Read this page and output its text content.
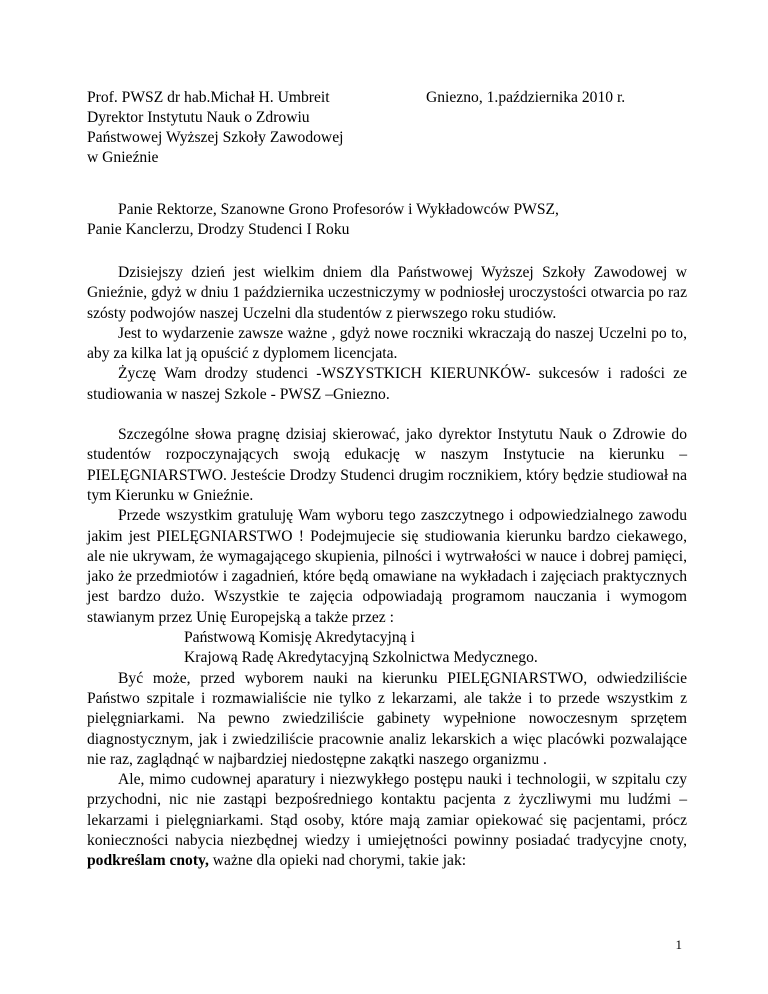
Prof. PWSZ dr hab.Michał H. Umbreit
Dyrektor Instytutu Nauk o Zdrowiu
Państwowej Wyższej Szkoły Zawodowej
w Gnieźnie
Gniezno, 1.października 2010 r.
Panie Rektorze, Szanowne Grono Profesorów i Wykładowców PWSZ,
Panie Kanclerzu, Drodzy Studenci I Roku

Dzisiejszy dzień jest wielkim dniem dla Państwowej Wyższej Szkoły Zawodowej w Gnieźnie, gdyż w dniu 1 października uczestniczymy w podniosłej uroczystości otwarcia po raz szósty podwojów naszej Uczelni dla studentów z pierwszego roku studiów.

Jest to wydarzenie zawsze ważne , gdyż nowe roczniki wkraczają do naszej Uczelni po to, aby za kilka lat ją opuścić z dyplomem licencjata.

Życzę Wam drodzy studenci -WSZYSTKICH KIERUNKÓW- sukcesów i radości ze studiowania w naszej Szkole - PWSZ –Gniezno.

Szczególne słowa pragnę dzisiaj skierować, jako dyrektor Instytutu Nauk o Zdrowie do studentów rozpoczynających swoją edukację w naszym Instytucie na kierunku – PIELĘGNIARSTWO. Jesteście Drodzy Studenci drugim rocznikiem, który będzie studiował na tym Kierunku w Gnieźnie.

Przede wszystkim gratuluję Wam wyboru tego zaszczytnego i odpowiedzialnego zawodu jakim jest PIELĘGNIARSTWO ! Podejmujecie się studiowania kierunku bardzo ciekawego, ale nie ukrywam, że wymagającego skupienia, pilności i wytrwałości w nauce i dobrej pamięci, jako że przedmiotów i zagadnień, które będą omawiane na wykładach i zajęciach praktycznych jest bardzo dużo. Wszystkie te zajęcia odpowiadają programom nauczania i wymogom stawianym przez Unię Europejską a także przez :

Państwową Komisję Akredytacyjną i

Krajową Radę Akredytacyjną Szkolnictwa Medycznego.

Być może, przed wyborem nauki na kierunku PIELĘGNIARSTWO, odwiedziliście Państwo szpitale i rozmawialiście nie tylko z lekarzami, ale także i to przede wszystkim z pielęgniarkami. Na pewno zwiedziliście gabinety wypełnione nowoczesnym sprzętem diagnostycznym, jak i zwiedziliście pracownie analiz lekarskich a więc placówki pozwalające nie raz, zaglądnąć w najbardziej niedostępne zakątki naszego organizmu .

Ale, mimo cudownej aparatury i niezwykłego postępu nauki i technologii, w szpitalu czy przychodni, nic nie zastąpi bezpośredniego kontaktu pacjenta z życzliwymi mu ludźmi – lekarzami i pielęgniarkami. Stąd osoby, które mają zamiar opiekować się pacjentami, prócz konieczności nabycia niezbędnej wiedzy i umiejętności powinny posiadać tradycyjne cnoty, podkreślam cnoty, ważne dla opieki nad chorymi, takie jak:

1
